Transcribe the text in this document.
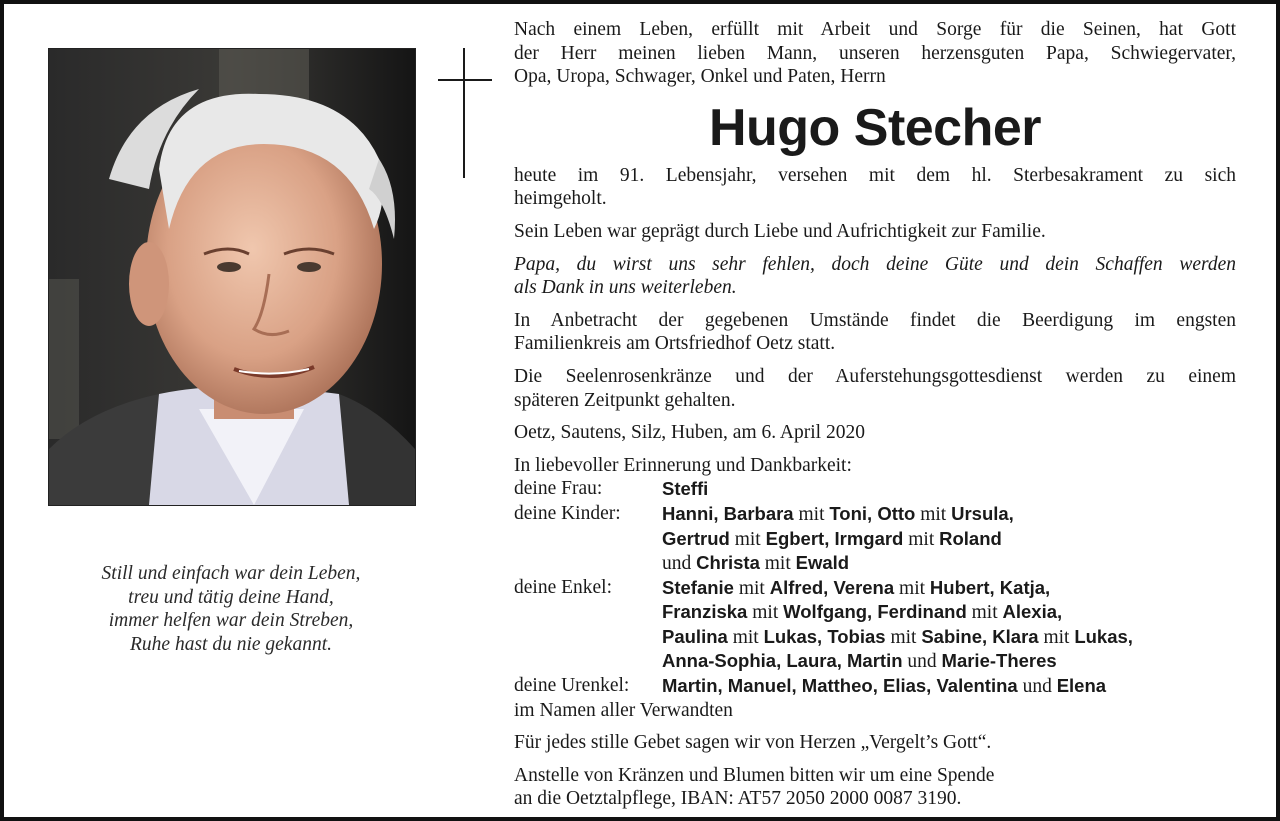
Still und einfach war dein Leben,
treu und tätig deine Hand,
immer helfen war dein Streben,
Ruhe hast du nie gekannt.

Nach einem Leben, erfüllt mit Arbeit und Sorge für die Seinen, hat Gott
der Herr meinen lieben Mann, unseren herzensguten Papa, Schwiegervater,
Opa, Uropa, Schwager, Onkel und Paten, Herrn

Hugo Stecher

heute im 91. Lebensjahr, versehen mit dem hl. Sterbesakrament zu sich
heimgeholt.

Sein Leben war geprägt durch Liebe und Aufrichtigkeit zur Familie.

Papa, du wirst uns sehr fehlen, doch deine Güte und dein Schaffen werden
als Dank in uns weiterleben.

In Anbetracht der gegebenen Umstände findet die Beerdigung im engsten
Familienkreis am Ortsfriedhof Oetz statt.

Die Seelenrosenkränze und der Auferstehungsgottesdienst werden zu einem
späteren Zeitpunkt gehalten.

Oetz, Sautens, Silz, Huben, am 6. April 2020

In liebevoller Erinnerung und Dankbarkeit:
deine Frau:	Steffi
deine Kinder:	Hanni, Barbara mit Toni, Otto mit Ursula,
Gertrud mit Egbert, Irmgard mit Roland
und Christa mit Ewald
deine Enkel:	Stefanie mit Alfred, Verena mit Hubert, Katja,
Franziska mit Wolfgang, Ferdinand mit Alexia,
Paulina mit Lukas, Tobias mit Sabine, Klara mit Lukas,
Anna-Sophia, Laura, Martin und Marie-Theres
deine Urenkel:	Martin, Manuel, Mattheo, Elias, Valentina und Elena
im Namen aller Verwandten

Für jedes stille Gebet sagen wir von Herzen „Vergelt’s Gott“.

Anstelle von Kränzen und Blumen bitten wir um eine Spende
an die Oetztalpflege, IBAN: AT57 2050 2000 0087 3190.
